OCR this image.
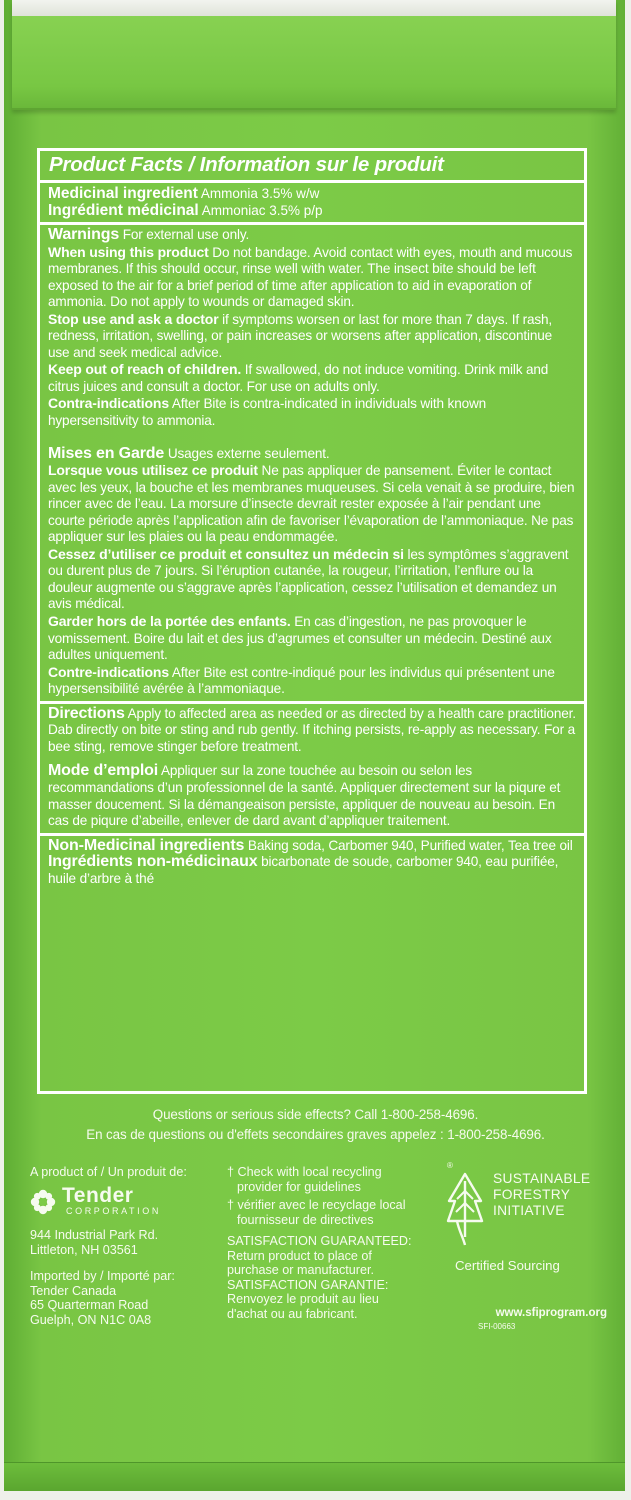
Product Facts / Information sur le produit
Medicinal ingredient Ammonia 3.5% w/w
Ingrédient médicinal Ammoniac 3.5% p/p
Warnings For external use only.
When using this product Do not bandage. Avoid contact with eyes, mouth and mucous membranes. If this should occur, rinse well with water. The insect bite should be left exposed to the air for a brief period of time after application to aid in evaporation of ammonia. Do not apply to wounds or damaged skin.
Stop use and ask a doctor if symptoms worsen or last for more than 7 days. If rash, redness, irritation, swelling, or pain increases or worsens after application, discontinue use and seek medical advice.
Keep out of reach of children. If swallowed, do not induce vomiting. Drink milk and citrus juices and consult a doctor. For use on adults only.
Contra-indications After Bite is contra-indicated in individuals with known hypersensitivity to ammonia.
Mises en Garde Usages externe seulement.
Lorsque vous utilisez ce produit Ne pas appliquer de pansement. Éviter le contact avec les yeux, la bouche et les membranes muqueuses. Si cela venait à se produire, bien rincer avec de l’eau. La morsure d’insecte devrait rester exposée à l’air pendant une courte période après l’application afin de favoriser l’évaporation de l’ammoniaque. Ne pas appliquer sur les plaies ou la peau endommagée.
Cessez d’utiliser ce produit et consultez un médecin si les symptômes s’aggravent ou durent plus de 7 jours. Si l’éruption cutanée, la rougeur, l’irritation, l’enflure ou la douleur augmente ou s’aggrave après l’application, cessez l’utilisation et demandez un avis médical.
Garder hors de la portée des enfants. En cas d’ingestion, ne pas provoquer le vomissement. Boire du lait et des jus d’agrumes et consulter un médecin. Destiné aux adultes uniquement.
Contre-indications After Bite est contre-indiqué pour les individus qui présentent une hypersensibilité avérée à l’ammoniaque.
Directions Apply to affected area as needed or as directed by a health care practitioner. Dab directly on bite or sting and rub gently. If itching persists, re-apply as necessary. For a bee sting, remove stinger before treatment.
Mode d’emploi Appliquer sur la zone touchée au besoin ou selon les recommandations d’un professionnel de la santé. Appliquer directement sur la piqure et masser doucement. Si la démangeaison persiste, appliquer de nouveau au besoin. En cas de piqure d’abeille, enlever de dard avant d’appliquer traitement.
Non-Medicinal ingredients Baking soda, Carbomer 940, Purified water, Tea tree oil
Ingrédients non-médicinaux bicarbonate de soude, carbomer 940, eau purifiée, huile d’arbre à thé
Questions or serious side effects? Call 1-800-258-4696.
En cas de questions ou d'effets secondaires graves appelez : 1-800-258-4696.
A product of / Un produit de:
Tender
CORPORATION
944 Industrial Park Rd.
Littleton, NH 03561
Imported by / Importé par:
Tender Canada
65 Quarterman Road
Guelph, ON N1C 0A8
† Check with local recycling
provider for guidelines
† vérifier avec le recyclage local
fournisseur de directives
SATISFACTION GUARANTEED:
Return product to place of
purchase or manufacturer.
SATISFACTION GARANTIE:
Renvoyez le produit au lieu
d'achat ou au fabricant.
SUSTAINABLE
FORESTRY
INITIATIVE
®
Certified Sourcing
www.sfiprogram.org
SFI-00663
